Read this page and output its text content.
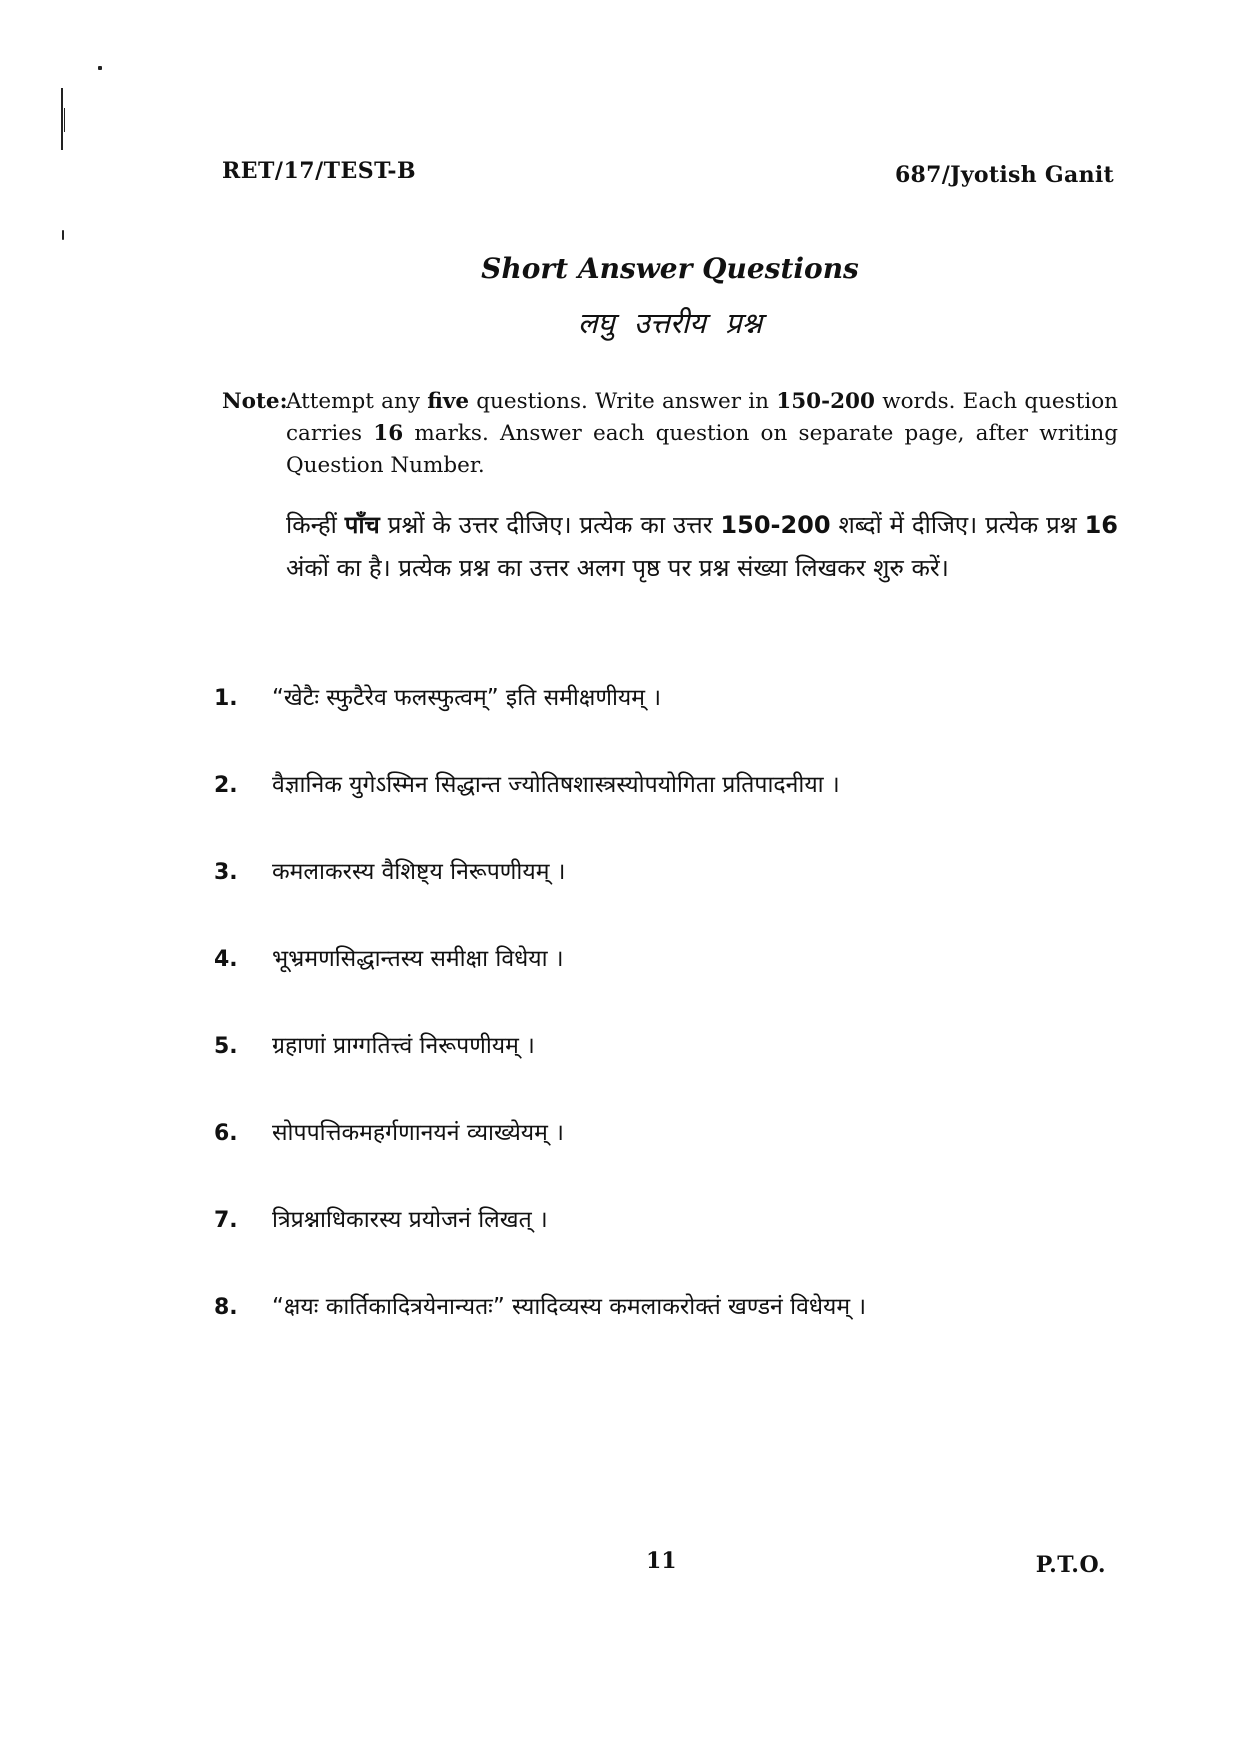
RET/17/TEST-B	687/Jyotish Ganit
Short Answer Questions
लघु उत्तरीय प्रश्न
Note:
Attempt any five questions. Write answer in 150-200 words. Each question carries 16 marks. Answer each question on separate page, after writing Question Number.
किन्हीं पाँच प्रश्नों के उत्तर दीजिए। प्रत्येक का उत्तर 150-200 शब्दों में दीजिए। प्रत्येक प्रश्न 16 अंकों का है। प्रत्येक प्रश्न का उत्तर अलग पृष्ठ पर प्रश्न संख्या लिखकर शुरु करें।
1.	“खेटैः स्फुटैरेव फलस्फुत्वम्” इति समीक्षणीयम् ।
2.	वैज्ञानिक युगेऽस्मिन सिद्धान्त ज्योतिषशास्त्रस्योपयोगिता प्रतिपादनीया ।
3.	कमलाकरस्य वैशिष्ट्य निरूपणीयम् ।
4.	भूभ्रमणसिद्धान्तस्य समीक्षा विधेया ।
5.	ग्रहाणां प्राग्गतित्त्वं निरूपणीयम् ।
6.	सोपपत्तिकमहर्गणानयनं व्याख्येयम् ।
7.	त्रिप्रश्नाधिकारस्य प्रयोजनं लिखत् ।
8.	“क्षयः कार्तिकादित्रयेनान्यतः” स्यादिव्यस्य कमलाकरोक्तं खण्डनं विधेयम् ।
11	P.T.O.
